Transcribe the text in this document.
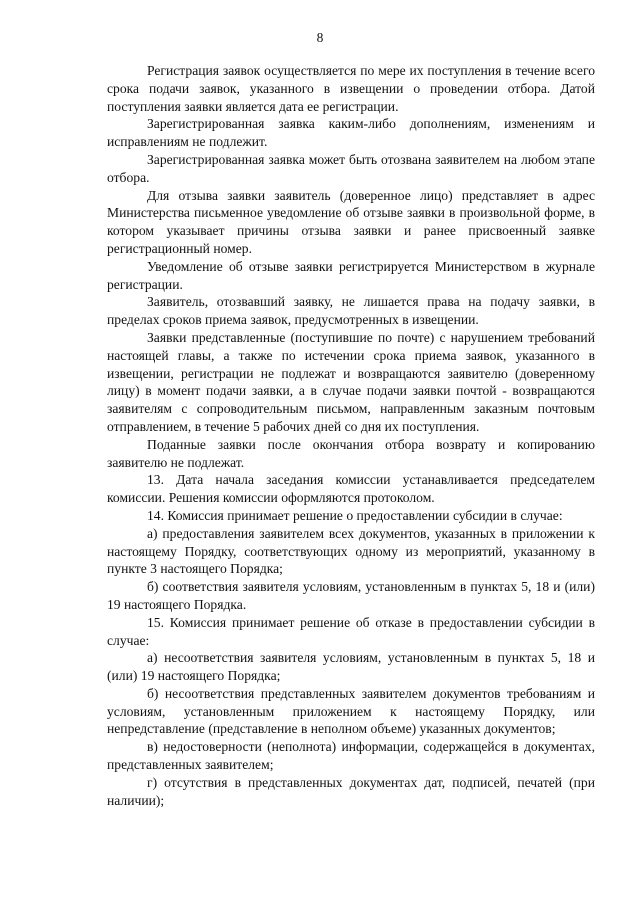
8

Регистрация заявок осуществляется по мере их поступления в течение всего срока подачи заявок, указанного в извещении о проведении отбора. Датой поступления заявки является дата ее регистрации.

Зарегистрированная заявка каким-либо дополнениям, изменениям и исправлениям не подлежит.

Зарегистрированная заявка может быть отозвана заявителем на любом этапе отбора.

Для отзыва заявки заявитель (доверенное лицо) представляет в адрес Министерства письменное уведомление об отзыве заявки в произвольной форме, в котором указывает причины отзыва заявки и ранее присвоенный заявке регистрационный номер.

Уведомление об отзыве заявки регистрируется Министерством в журнале регистрации.

Заявитель, отозвавший заявку, не лишается права на подачу заявки, в пределах сроков приема заявок, предусмотренных в извещении.

Заявки представленные (поступившие по почте) с нарушением требований настоящей главы, а также по истечении срока приема заявок, указанного в извещении, регистрации не подлежат и возвращаются заявителю (доверенному лицу) в момент подачи заявки, а в случае подачи заявки почтой - возвращаются заявителям с сопроводительным письмом, направленным заказным почтовым отправлением, в течение 5 рабочих дней со дня их поступления.

Поданные заявки после окончания отбора возврату и копированию заявителю не подлежат.

13. Дата начала заседания комиссии устанавливается председателем комиссии. Решения комиссии оформляются протоколом.

14. Комиссия принимает решение о предоставлении субсидии в случае:

а) предоставления заявителем всех документов, указанных в приложении к настоящему Порядку, соответствующих одному из мероприятий, указанному в пункте 3 настоящего Порядка;

б) соответствия заявителя условиям, установленным в пунктах 5, 18 и (или) 19 настоящего Порядка.

15. Комиссия принимает решение об отказе в предоставлении субсидии в случае:

а) несоответствия заявителя условиям, установленным в пунктах 5, 18 и (или) 19 настоящего Порядка;

б) несоответствия представленных заявителем документов требованиям и условиям, установленным приложением к настоящему Порядку, или непредставление (представление в неполном объеме) указанных документов;

в) недостоверности (неполнота) информации, содержащейся в документах, представленных заявителем;

г) отсутствия в представленных документах дат, подписей, печатей (при наличии);
